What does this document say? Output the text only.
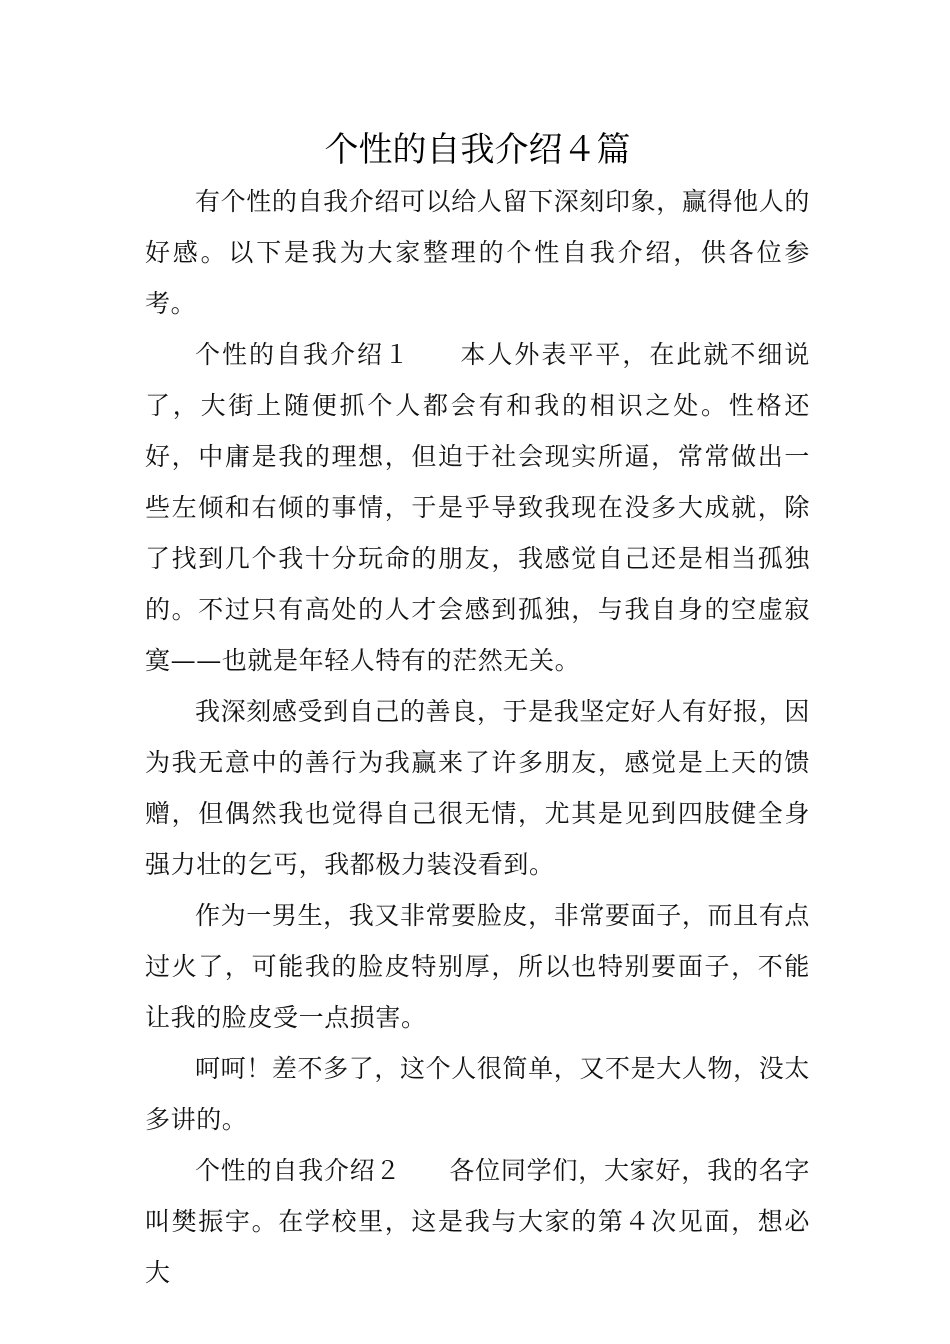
个性的自我介绍４篇

有个性的自我介绍可以给人留下深刻印象，赢得他人的好感。以下是我为大家整理的个性自我介绍，供各位参考。

个性的自我介绍１ 本人外表平平，在此就不细说了，大街上随便抓个人都会有和我的相识之处。性格还好，中庸是我的理想，但迫于社会现实所逼，常常做出一些左倾和右倾的事情，于是乎导致我现在没多大成就，除了找到几个我十分玩命的朋友，我感觉自己还是相当孤独的。不过只有高处的人才会感到孤独，与我自身的空虚寂寞——也就是年轻人特有的茫然无关。

我深刻感受到自己的善良，于是我坚定好人有好报，因为我无意中的善行为我赢来了许多朋友，感觉是上天的馈赠，但偶然我也觉得自己很无情，尤其是见到四肢健全身强力壮的乞丐，我都极力装没看到。

作为一男生，我又非常要脸皮，非常要面子，而且有点过火了，可能我的脸皮特别厚，所以也特别要面子，不能让我的脸皮受一点损害。

呵呵！差不多了，这个人很简单，又不是大人物，没太多讲的。

个性的自我介绍２ 各位同学们，大家好，我的名字叫樊振宇。在学校里，这是我与大家的第４次见面，想必大
